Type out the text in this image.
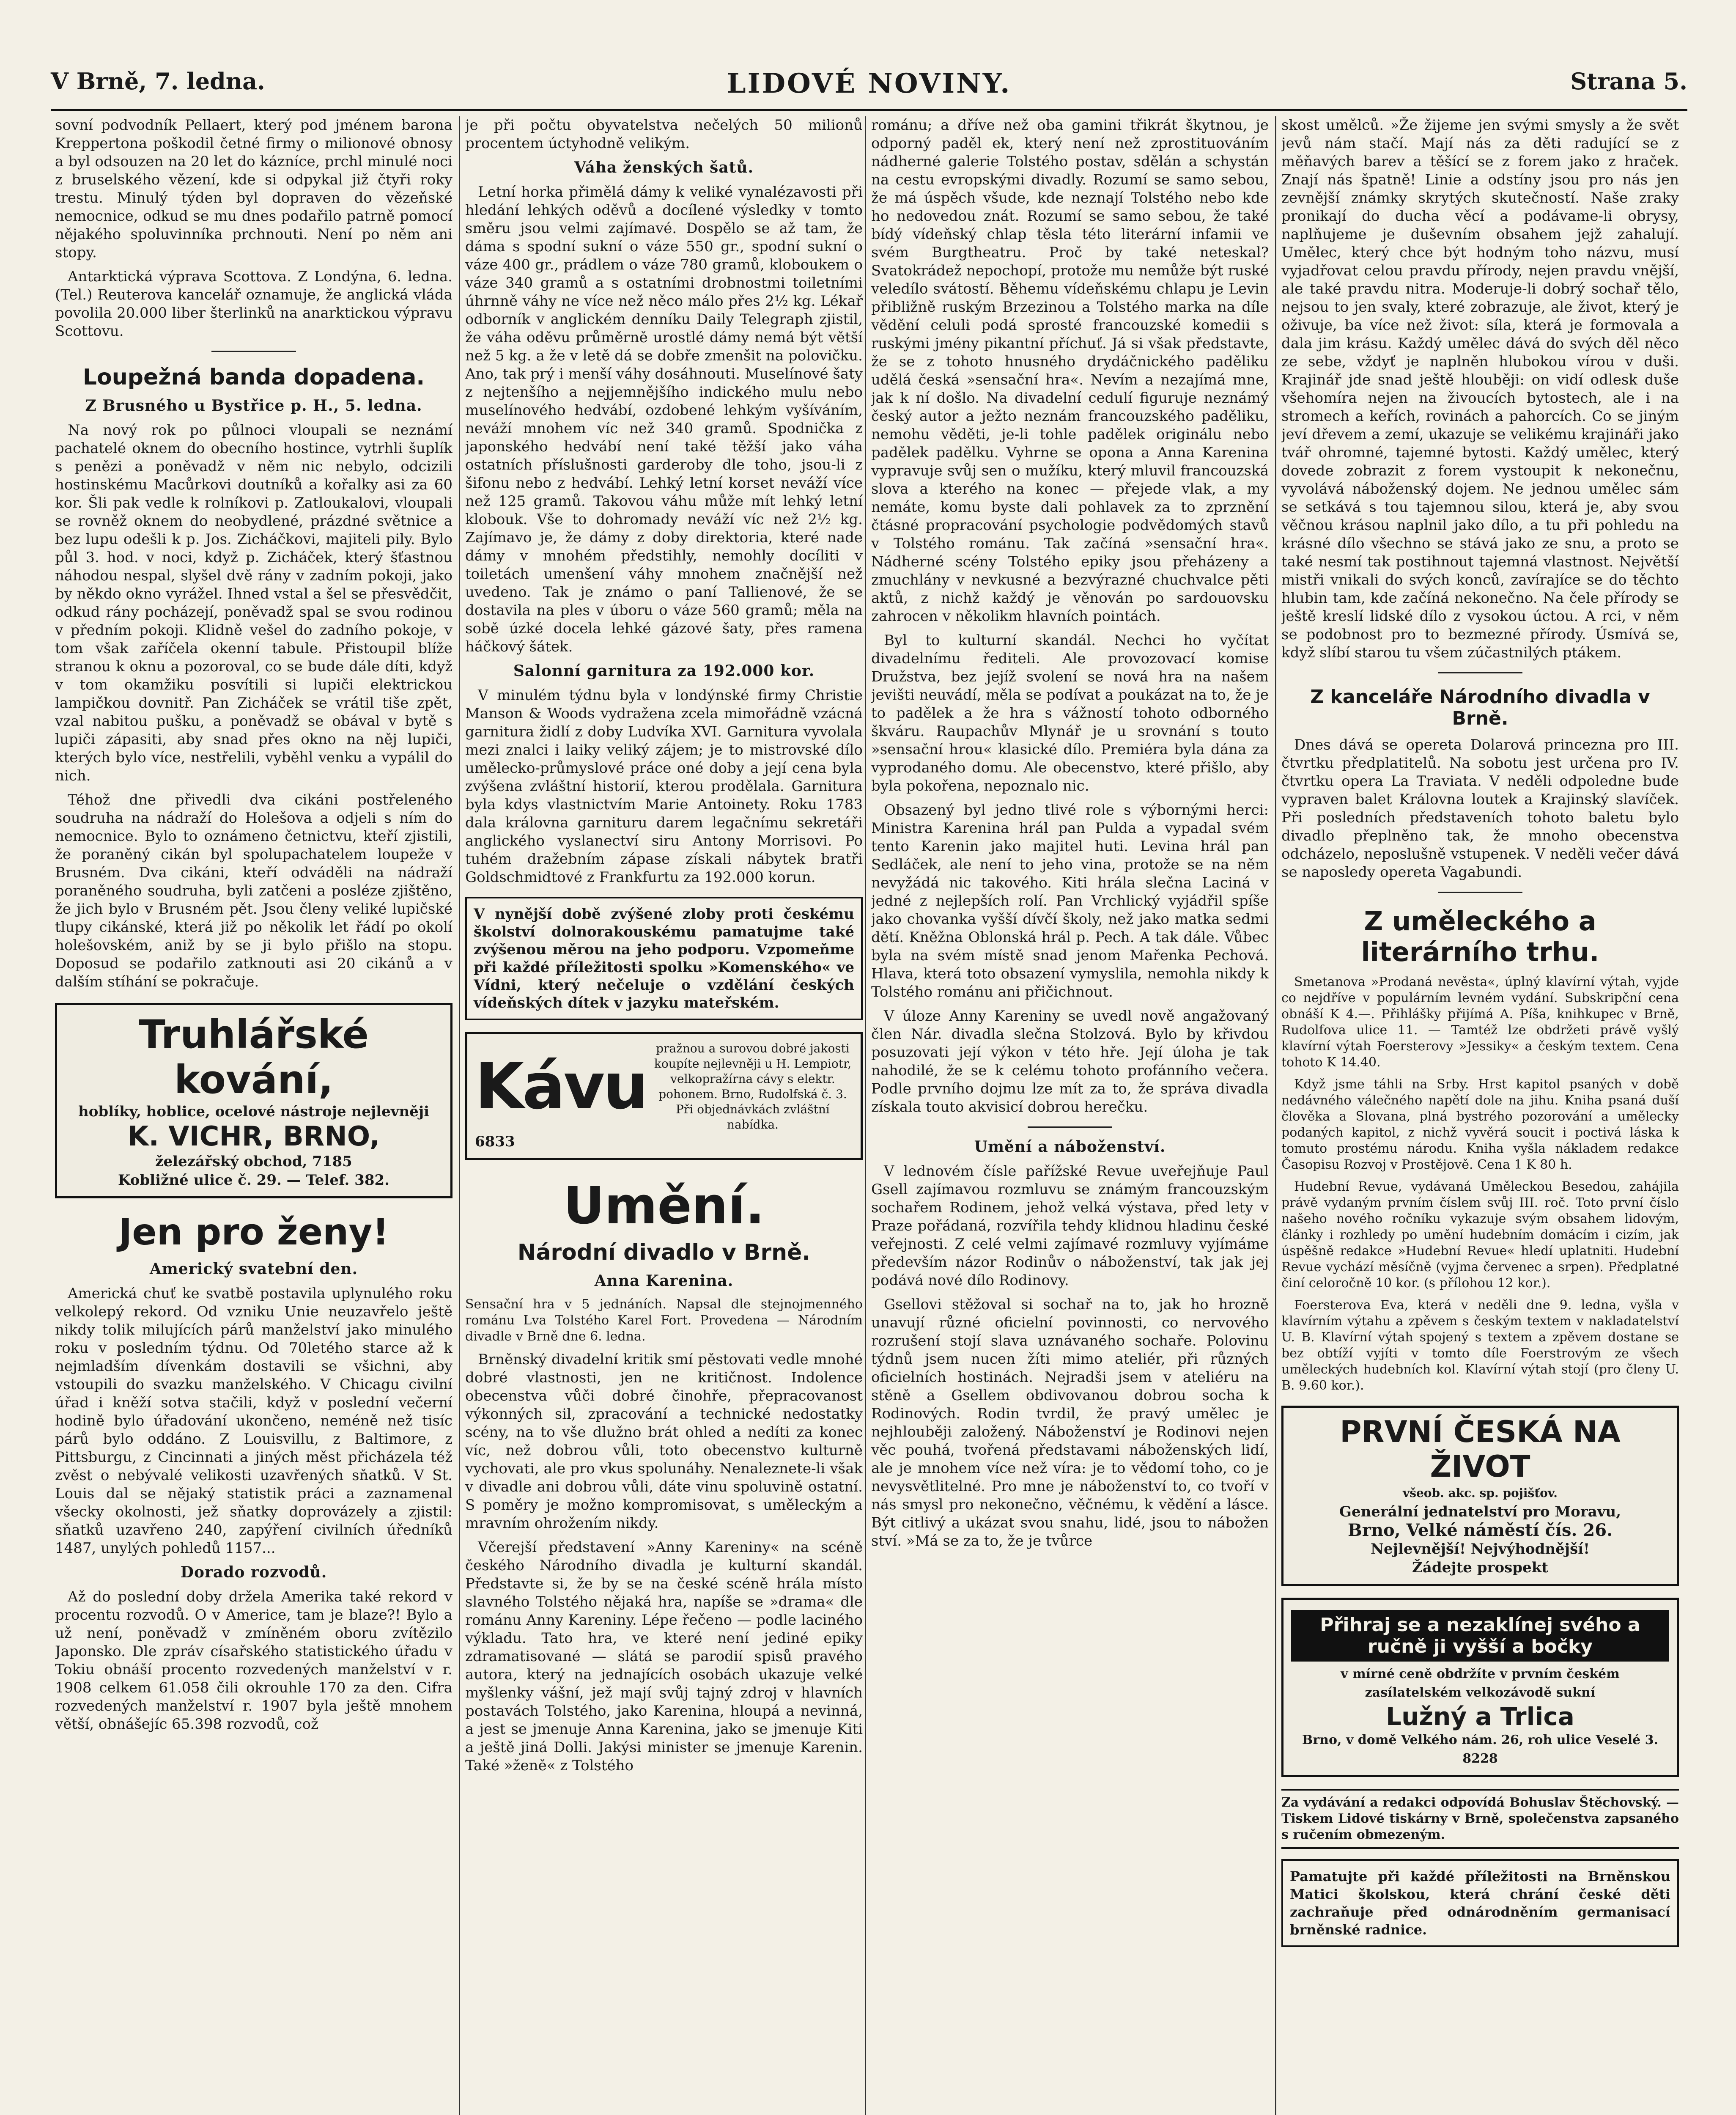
LIDOVÉ NOVINY.
V Brně, 7. ledna.	Strana 5.

sovní podvodník Pellaert, který pod jménem barona Kreppertona poškodil četné firmy o milionové obnosy a byl odsouzen na 20 let do kázníce, prchl minulé noci z bruselského vězení, kde si odpykal již čtyři roky trestu. Minulý týden byl dopraven do vězeňské nemocnice, odkud se mu dnes podařilo patrně pomocí nějakého spoluvinníka prchnouti. Není po něm ani stopy.

Antarktická výprava Scottova. Z Londýna, 6. ledna. (Tel.) Reuterova kancelář oznamuje, že anglická vláda povolila 20.000 liber šterlinků na anarktickou výpravu Scottovu.

Loupežná banda dopadena.
Z Brusného u Bystřice p. H., 5. ledna.

Na nový rok po půlnoci vloupali se neznámí pachatelé oknem do obecního hostince, vytrhli šuplík s penězi a poněvadž v něm nic nebylo, odcizili hostinskému Macůrkovi doutníků a kořalky asi za 60 kor. Šli pak vedle k rolníkovi p. Zatloukalovi, vloupali se rovněž oknem do neobydlené, prázdné světnice a bez lupu odešli k p. Jos. Zicháčkovi, majiteli pily. Bylo půl 3. hod. v noci, když p. Zicháček, který šťastnou náhodou nespal, slyšel dvě rány v zadním pokoji, jako by někdo okno vyrážel. Ihned vstal a šel se přesvědčit, odkud rány pocházejí, poněvadž spal se svou rodinou v předním pokoji. Klidně vešel do zadního pokoje, v tom však zaříčela okenní tabule. Přistoupil blíže stranou k oknu a pozoroval, co se bude dále díti, když v tom okamžiku posvítili si lupiči elektrickou lampičkou dovnitř. Pan Zicháček se vrátil tiše zpět, vzal nabitou pušku, a poněvadž se obával v bytě s lupiči zápasiti, aby snad přes okno na něj lupiči, kterých bylo více, nestřelili, vyběhl venku a vypálil do nich.

Téhož dne přivedli dva cikáni postřeleného soudruha na nádraží do Holešova a odjeli s ním do nemocnice. Bylo to oznámeno četnictvu, kteří zjistili, že poraněný cikán byl spolupachatelem loupeže v Brusném. Dva cikáni, kteří odváděli na nádraží poraněného soudruha, byli zatčeni a posléze zjištěno, že jich bylo v Brusném pět. Jsou členy veliké lupičské tlupy cikánské, která již po několik let řádí po okolí holešovském, aniž by se ji bylo přišlo na stopu. Doposud se podařilo zatknouti asi 20 cikánů a v dalším stíhání se pokračuje.

Truhlářské kování,
hoblíky, hoblice, ocelové nástroje nejlevněji
K. VICHR, BRNO,
železářský obchod, 7185
Kobližné ulice č. 29. — Telef. 382.
Jen pro ženy!
Americký svatební den.

Americká chuť ke svatbě postavila uplynulého roku velkolepý rekord. Od vzniku Unie neuzavřelo ještě nikdy tolik milujících párů manželství jako minulého roku v posledním týdnu. Od 70letého starce až k nejmladším dívenkám dostavili se všichni, aby vstoupili do svazku manželského. V Chicagu civilní úřad i kněží sotva stačili, když v poslední večerní hodině bylo úřadování ukončeno, neméně než tisíc párů bylo oddáno. Z Louisvillu, z Baltimore, z Pittsburgu, z Cincinnati a jiných měst přicházela též zvěst o nebývalé velikosti uzavřených sňatků. V St. Louis dal se nějaký statistik práci a zaznamenal všecky okolnosti, jež sňatky doprovázely a zjistil: sňatků uzavřeno 240, zapýření civilních úředníků 1487, unylých pohledů 1157...

Dorado rozvodů.

Až do poslední doby držela Amerika také rekord v procentu rozvodů. O v Americe, tam je blaze?! Bylo a už není, poněvadž v zmíněném oboru zvítězilo Japonsko. Dle zpráv císařského statistického úřadu v Tokiu obnáší procento rozvedených manželství v r. 1908 celkem 61.058 čili okrouhle 170 za den. Cifra rozvedených manželství r. 1907 byla ještě mnohem větší, obnášejíc 65.398 rozvodů, což

je při počtu obyvatelstva nečelých 50 milionů procentem úctyhodně velikým.

Váha ženských šatů.

Letní horka přimělá dámy k veliké vynalézavosti při hledání lehkých oděvů a docílené výsledky v tomto směru jsou velmi zajímavé. Dospělo se až tam, že dáma s spodní sukní o váze 550 gr., spodní sukní o váze 400 gr., prádlem o váze 780 gramů, kloboukem o váze 340 gramů a s ostatními drobnostmi toiletními úhrnně váhy ne více než něco málo přes 2½ kg. Lékař odborník v anglickém denníku Daily Telegraph zjistil, že váha oděvu průměrně urostlé dámy nemá být větší než 5 kg. a že v letě dá se dobře zmenšit na polovičku. Ano, tak prý i menší váhy dosáhnouti. Muselínové šaty z nejtenšího a nejjemnějšího indického mulu nebo muselínového hedvábí, ozdobené lehkým vyšíváním, neváží mnohem víc než 340 gramů. Spodnička z japonského hedvábí není také těžší jako váha ostatních příslušnosti garderoby dle toho, jsou-li z šifonu nebo z hedvábí. Lehký letní korset neváží více než 125 gramů. Takovou váhu může mít lehký letní klobouk. Vše to dohromady neváží víc než 2½ kg. Zajímavo je, že dámy z doby direktoria, které nade dámy v mnohém předstihly, nemohly docíliti v toiletách umenšení váhy mnohem značnější než uvedeno. Tak je známo o paní Tallienové, že se dostavila na ples v úboru o váze 560 gramů; měla na sobě úzké docela lehké gázové šaty, přes ramena háčkový šátek.

Salonní garnitura za 192.000 kor.

V minulém týdnu byla v londýnské firmy Christie Manson & Woods vydražena zcela mimořádně vzácná garnitura židlí z doby Ludvíka XVI. Garnitura vyvolala mezi znalci i laiky veliký zájem; je to mistrovské dílo umělecko-průmyslové práce oné doby a její cena byla zvýšena zvláštní historií, kterou prodělala. Garnitura byla kdys vlastnictvím Marie Antoinety. Roku 1783 dala královna garnituru darem legačnímu sekretáři anglického vyslanectví siru Antony Morrisovi. Po tuhém dražebním zápase získali nábytek bratři Goldschmidtové z Frankfurtu za 192.000 korun.

V nynější době zvýšené zloby proti českému školství dolnorakouskému pamatujme také zvýšenou měrou na jeho podporu. Vzpomeňme při každé příležitosti spolku »Komenského« ve Vídni, který nečeluje o vzdělání českých vídeňských dítek v jazyku mateřském.
Kávu
pražnou a surovou dobré jakosti koupíte nejlevněji u H. Lempiotr, velkopražírna cávy s elektr. pohonem. Brno, Rudolfská č. 3. Při objednávkách zvláštní nabídka.
6833
Umění.
Národní divadlo v Brně.
Anna Karenina.

Sensační hra v 5 jednáních. Napsal dle stejnojmenného románu Lva Tolstého Karel Fort. Provedena — Národním divadle v Brně dne 6. ledna.

Brněnský divadelní kritik smí pěstovati vedle mnohé dobré vlastnosti, jen ne kritičnost. Indolence obecenstva vůči dobré činohře, přepracovanost výkonných sil, zpracování a technické nedostatky scény, na to vše dlužno brát ohled a nedíti za konec víc, než dobrou vůli, toto obecenstvo kulturně vychovati, ale pro vkus spolunáhy. Nenaleznete-li však v divadle ani dobrou vůli, dáte vinu spoluvině ostatní. S poměry je možno kompromisovat, s uměleckým a mravním ohrožením nikdy.

Včerejší představení »Anny Kareniny« na scéně českého Národního divadla je kulturní skandál. Představte si, že by se na české scéně hrála místo slavného Tolstého nějaká hra, napíše se »drama« dle románu Anny Kareniny. Lépe řečeno — podle laciného výkladu. Tato hra, ve které není jediné epiky zdramatisované — slátá se parodií spisů pravého autora, který na jednajících osobách ukazuje velké myšlenky vášní, jež mají svůj tajný zdroj v hlavních postavách Tolstého, jako Karenina, hloupá a nevinná, a jest se jmenuje Anna Karenina, jako se jmenuje Kiti a ještě jiná Dolli. Jakýsi minister se jmenuje Karenin. Také »ženě« z Tolstého

románu; a dříve než oba gamini třikrát škytnou, je odporný paděl ek, který není než zprostituováním nádherné galerie Tolstého postav, sdělán a schystán na cestu evropskými divadly. Rozumí se samo sebou, že má úspěch všude, kde neznají Tolstého nebo kde ho nedovedou znát. Rozumí se samo sebou, že také bídý vídeňský chlap těsla této literární infamii ve svém Burgtheatru. Proč by také neteskal? Svatokrádež nepochopí, protože mu nemůže být ruské veledílo svátostí. Běhemu vídeňskému chlapu je Levin přibližně ruským Brzezinou a Tolstého marka na díle vědění celuli podá sprosté francouzské komedii s ruskými jmény pikantní příchuť. Já si však představte, že se z tohoto hnusného drydáčnického paděliku udělá česká »sensační hra«. Nevím a nezajímá mne, jak k ní došlo. Na divadelní cedulí figuruje neznámý český autor a ježto neznám francouzského paděliku, nemohu věděti, je-li tohle padělek originálu nebo padělek padělku. Vyhrne se opona a Anna Karenina vypravuje svůj sen o mužíku, který mluvil francouzská slova a kterého na konec — přejede vlak, a my nemáte, komu byste dali pohlavek za to zprznění čtásné propracování psychologie podvědomých stavů v Tolstého románu. Tak začíná »sensační hra«. Nádherné scény Tolstého epiky jsou přeházeny a zmuchlány v nevkusné a bezvýrazné chuchvalce pěti aktů, z nichž každý je věnován po sardouovsku zahrocen v několikm hlavních pointách.

Byl to kulturní skandál. Nechci ho vyčítat divadelnímu řediteli. Ale provozovací komise Družstva, bez jejíž svolení se nová hra na našem jevišti neuvádí, měla se podívat a poukázat na to, že je to padělek a že hra s vážností tohoto odborného škváru. Raupachův Mlynář je u srovnání s touto »sensační hrou« klasické dílo. Premiéra byla dána za vyprodaného domu. Ale obecenstvo, které přišlo, aby byla pokořena, nepoznalo nic.

Obsazený byl jedno tlivé role s výbornými herci: Ministra Karenina hrál pan Pulda a vypadal svém tento Karenin jako majitel huti. Levina hrál pan Sedláček, ale není to jeho vina, protože se na něm nevyžádá nic takového. Kiti hrála slečna Laciná v jedné z nejlepších rolí. Pan Vrchlický vyjádřil spíše jako chovanka vyšší dívčí školy, než jako matka sedmi dětí. Kněžna Oblonská hrál p. Pech. A tak dále. Vůbec byla na svém místě snad jenom Mařenka Pechová. Hlava, která toto obsazení vymyslila, nemohla nikdy k Tolstého románu ani přičichnout.

V úloze Anny Kareniny se uvedl nově angažovaný člen Nár. divadla slečna Stolzová. Bylo by křivdou posuzovati její výkon v této hře. Její úloha je tak nahodilé, že se k celému tohoto profánního večera. Podle prvního dojmu lze mít za to, že správa divadla získala touto akvisicí dobrou herečku.

Umění a náboženství.

V lednovém čísle pařížské Revue uveřejňuje Paul Gsell zajímavou rozmluvu se známým francouzským sochařem Rodinem, jehož velká výstava, před lety v Praze pořádaná, rozvířila tehdy klidnou hladinu české veřejnosti. Z celé velmi zajímavé rozmluvy vyjímáme především názor Rodinův o náboženství, tak jak jej podává nové dílo Rodinovy.

Gsellovi stěžoval si sochař na to, jak ho hrozně unavují různé oficielní povinnosti, co nervového rozrušení stojí slava uznávaného sochaře. Polovinu týdnů jsem nucen žíti mimo ateliér, při různých oficielních hostinách. Nejradši jsem v ateliéru na stěně a Gsellem obdivovanou dobrou socha k Rodinových. Rodin tvrdil, že pravý umělec je nejhlouběji založený. Náboženství je Rodinovi nejen věc pouhá, tvořená představami náboženských lidí, ale je mnohem více než víra: je to vědomí toho, co je nevysvětlitelné. Pro mne je náboženství to, co tvoří v nás smysl pro nekonečno, věčnému, k vědění a lásce. Být citlivý a ukázat svou snahu, lidé, jsou to nábožen ství. »Má se za to, že je tvůrce

skost umělců. »Že žijeme jen svými smysly a že svět jevů nám stačí. Mají nás za děti radující se z měňavých barev a těšící se z forem jako z hraček. Znají nás špatně! Linie a odstíny jsou pro nás jen zevnější známky skrytých skutečností. Naše zraky pronikají do ducha věcí a podávame-li obrysy, naplňujeme je duševním obsahem jejž zahalují. Umělec, který chce být hodným toho názvu, musí vyjadřovat celou pravdu přírody, nejen pravdu vnější, ale také pravdu nitra. Moderuje-li dobrý sochař tělo, nejsou to jen svaly, které zobrazuje, ale život, který je oživuje, ba více než život: síla, která je formovala a dala jim krásu. Každý umělec dává do svých děl něco ze sebe, vždyť je naplněn hlubokou vírou v duši. Krajinář jde snad ještě hlouběji: on vidí odlesk duše všehomíra nejen na živoucích bytostech, ale i na stromech a keřích, rovinách a pahorcích. Co se jiným jeví dřevem a zemí, ukazuje se velikému krajináři jako tvář ohromné, tajemné bytosti. Každý umělec, který dovede zobrazit z forem vystoupit k nekonečnu, vyvolává náboženský dojem. Ne jednou umělec sám se setkává s tou tajemnou silou, která je, aby svou věčnou krásou naplnil jako dílo, a tu při pohledu na krásné dílo všechno se stává jako ze snu, a proto se také nesmí tak postihnout tajemná vlastnost. Největší mistři vnikali do svých konců, zavírajíce se do těchto hlubin tam, kde začíná nekonečno. Na čele přírody se ještě kreslí lidské dílo z vysokou úctou. A rci, v něm se podobnost pro to bezmezné přírody. Úsmívá se, když slíbí starou tu všem zúčastnilých ptákem.

Z kanceláře Národního divadla v Brně.

Dnes dává se opereta Dolarová princezna pro III. čtvrtku předplatitelů. Na sobotu jest určena pro IV. čtvrtku opera La Traviata. V neděli odpoledne bude vypraven balet Královna loutek a Krajinský slavíček. Při posledních představeních tohoto baletu bylo divadlo přeplněno tak, že mnoho obecenstva odcházelo, neposlušně vstupenek. V neděli večer dává se naposledy opereta Vagabundi.

Z uměleckého a literárního trhu.

Smetanova »Prodaná nevěsta«, úplný klavírní výtah, vyjde co nejdříve v populárním levném vydání. Subskripční cena obnáší K 4.—. Přihlášky přijímá A. Píša, knihkupec v Brně, Rudolfova ulice 11. — Tamtéž lze obdržeti právě vyšlý klavírní výtah Foersterovy »Jessiky« a českým textem. Cena tohoto K 14.40.

Když jsme táhli na Srby. Hrst kapitol psaných v době nedávného válečného napětí dole na jihu. Kniha psaná duší člověka a Slovana, plná bystrého pozorování a umělecky podaných kapitol, z nichž vyvěrá soucit i poctivá láska k tomuto prostému národu. Kniha vyšla nákladem redakce Časopisu Rozvoj v Prostějově. Cena 1 K 80 h.

Hudební Revue, vydávaná Uměleckou Besedou, zahájila právě vydaným prvním číslem svůj III. roč. Toto první číslo našeho nového ročníku vykazuje svým obsahem lidovým, články i rozhledy po umění hudebním domácím i cizím, jak úspěšně redakce »Hudební Revue« hledí uplatniti. Hudební Revue vychází měsíčně (vyjma červenec a srpen). Předplatné činí celoročně 10 kor. (s přílohou 12 kor.).

Foersterova Eva, která v neděli dne 9. ledna, vyšla v klavírním výtahu a zpěvem s českým textem v nakladatelství U. B. Klavírní výtah spojený s textem a zpěvem dostane se bez obtíží vyjíti v tomto díle Foerstrovým ze všech uměleckých hudebních kol. Klavírní výtah stojí (pro členy U. B. 9.60 kor.).

PRVNÍ ČESKÁ NA ŽIVOT
všeob. akc. sp. pojišťov.
Generální jednatelství pro Moravu,
Brno, Velké náměstí čís. 26.
Nejlevnější! Nejvýhodnější!
Žádejte prospekt
Přihraj se a nezaklínej svého a ručně ji vyšší a bočky
v mírné ceně obdržíte v prvním českém zasílatelském velkozávodě sukní
Lužný a Trlica
Brno, v domě Velkého nám. 26, roh ulice Veselé 3. 8228
Za vydávání a redakci odpovídá Bohuslav Štěchovský. — Tiskem Lidové tiskárny v Brně, společenstva zapsaného s ručením obmezeným.
Pamatujte při každé příležitosti na Brněnskou Matici školskou, která chrání české děti zachraňuje před odnárodněním germanisací brněnské radnice.
